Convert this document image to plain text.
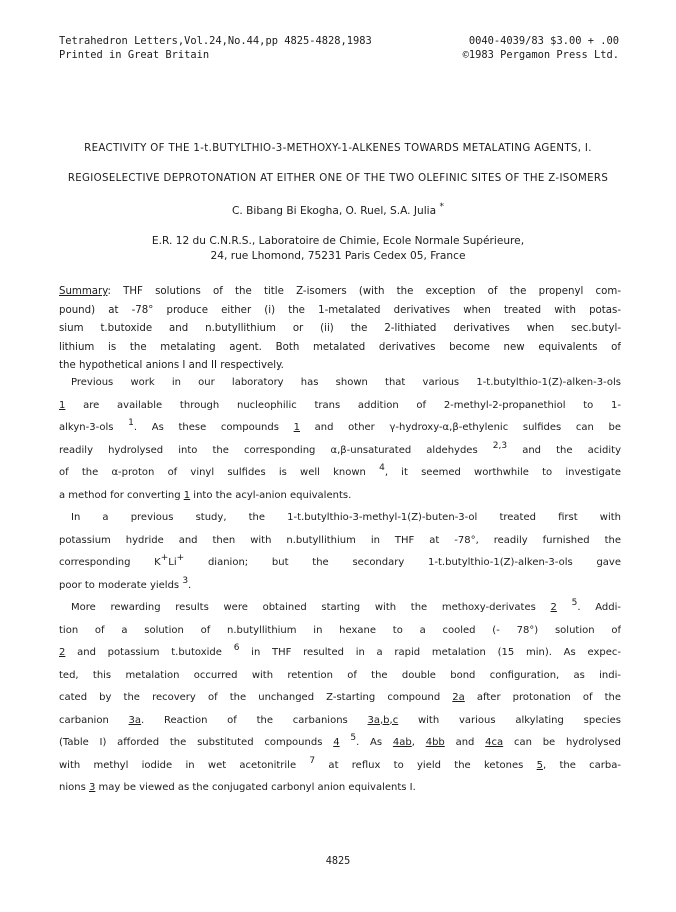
Tetrahedron Letters,Vol.24,No.44,pp 4825-4828,1983	0040-4039/83 $3.00 + .00
Printed in Great Britain	©1983 Pergamon Press Ltd.
REACTIVITY OF THE 1-t.BUTYLTHIO-3-METHOXY-1-ALKENES TOWARDS METALATING AGENTS, I.
REGIOSELECTIVE DEPROTONATION AT EITHER ONE OF THE TWO OLEFINIC SITES OF THE Z-ISOMERS
C. Bibang Bi Ekogha, O. Ruel, S.A. Julia *
E.R. 12 du C.N.R.S., Laboratoire de Chimie, Ecole Normale Supérieure,
24, rue Lhomond, 75231 Paris Cedex 05, France
Summary: THF solutions of the title Z-isomers (with the exception of the propenyl com-
pound) at -78° produce either (i) the 1-metalated derivatives when treated with potas-
sium t.butoxide and n.butyllithium or (ii) the 2-lithiated derivatives when sec.butyl-
lithium is the metalating agent. Both metalated derivatives become new equivalents of
the hypothetical anions I and II respectively.
Previous work in our laboratory has shown that various 1-t.butylthio-1(Z)-alken-3-ols
1 are available through nucleophilic trans addition of 2-methyl-2-propanethiol to 1-
alkyn-3-ols $^1$. As these compounds 1 and other γ-hydroxy-α,β-ethylenic sulfides can be
readily hydrolysed into the corresponding α,β-unsaturated aldehydes $^{2,3}$ and the acidity
of the α-proton of vinyl sulfides is well known $^4$, it seemed worthwhile to investigate
a method for converting 1 into the acyl-anion equivalents.
In a previous study, the 1-t.butylthio-3-methyl-1(Z)-buten-3-ol treated first with
potassium hydride and then with n.butyllithium in THF at -78°, readily furnished the
corresponding K+Li+ dianion; but the secondary 1-t.butylthio-1(Z)-alken-3-ols gave
poor to moderate yields $^3$.
More rewarding results were obtained starting with the methoxy-derivates 2 $^5$. Addi-
tion of a solution of n.butyllithium in hexane to a cooled (- 78°) solution of
2 and potassium t.butoxide $^6$ in THF resulted in a rapid metalation (15 min). As expec-
ted, this metalation occurred with retention of the double bond configuration, as indi-
cated by the recovery of the unchanged Z-starting compound 2a after protonation of the
carbanion 3a. Reaction of the carbanions 3a,b,c with various alkylating species
(Table I) afforded the substituted compounds 4 $^5$. As 4ab, 4bb and 4ca can be hydrolysed
with methyl iodide in wet acetonitrile $^7$ at reflux to yield the ketones 5, the carba-
nions 3 may be viewed as the conjugated carbonyl anion equivalents I.
4825
